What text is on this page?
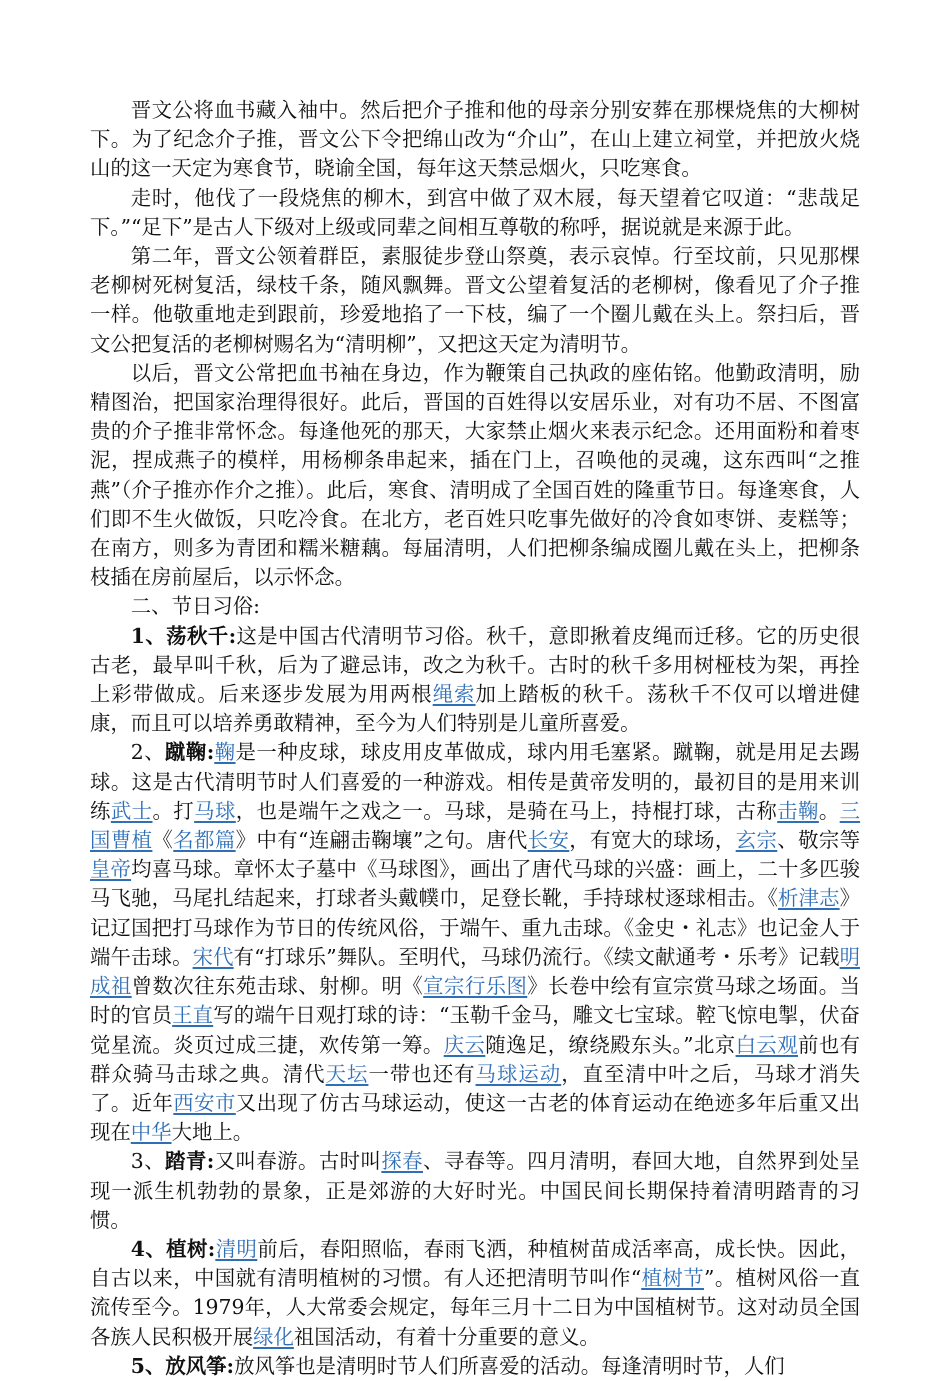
晋文公将血书藏入袖中。然后把介子推和他的母亲分别安葬在那棵烧焦的大柳树下。为了纪念介子推，晋文公下令把绵山改为“介山”，在山上建立祠堂，并把放火烧山的这一天定为寒食节，晓谕全国，每年这天禁忌烟火，只吃寒食。

走时，他伐了一段烧焦的柳木，到宫中做了双木屐，每天望着它叹道：“悲哉足下。”“足下”是古人下级对上级或同辈之间相互尊敬的称呼，据说就是来源于此。

第二年，晋文公领着群臣，素服徒步登山祭奠，表示哀悼。行至坟前，只见那棵老柳树死树复活，绿枝千条，随风飘舞。晋文公望着复活的老柳树，像看见了介子推一样。他敬重地走到跟前，珍爱地掐了一下枝，编了一个圈儿戴在头上。祭扫后，晋文公把复活的老柳树赐名为“清明柳”，又把这天定为清明节。

以后，晋文公常把血书袖在身边，作为鞭策自己执政的座佑铭。他勤政清明，励精图治，把国家治理得很好。此后，晋国的百姓得以安居乐业，对有功不居、不图富贵的介子推非常怀念。每逢他死的那天，大家禁止烟火来表示纪念。还用面粉和着枣泥，捏成燕子的模样，用杨柳条串起来，插在门上，召唤他的灵魂，这东西叫“之推燕”（介子推亦作介之推）。此后，寒食、清明成了全国百姓的隆重节日。每逢寒食，人们即不生火做饭，只吃冷食。在北方，老百姓只吃事先做好的冷食如枣饼、麦糕等；在南方，则多为青团和糯米糖藕。每届清明，人们把柳条编成圈儿戴在头上，把柳条枝插在房前屋后，以示怀念。

二、节日习俗:

1、荡秋千:这是中国古代清明节习俗。秋千，意即揪着皮绳而迁移。它的历史很古老，最早叫千秋，后为了避忌讳，改之为秋千。古时的秋千多用树桠枝为架，再拴上彩带做成。后来逐步发展为用两根绳索加上踏板的秋千。荡秋千不仅可以增进健康，而且可以培养勇敢精神，至今为人们特别是儿童所喜爱。

2、蹴鞠:鞠是一种皮球，球皮用皮革做成，球内用毛塞紧。蹴鞠，就是用足去踢球。这是古代清明节时人们喜爱的一种游戏。相传是黄帝发明的，最初目的是用来训练武士。打马球，也是端午之戏之一。马球，是骑在马上，持棍打球，古称击鞠。三国曹植《名都篇》中有“连翩击鞠壤”之句。唐代长安，有宽大的球场，玄宗、敬宗等皇帝均喜马球。章怀太子墓中《马球图》，画出了唐代马球的兴盛：画上，二十多匹骏马飞驰，马尾扎结起来，打球者头戴幞巾，足登长靴，手持球杖逐球相击。《析津志》记辽国把打马球作为节日的传统风俗，于端午、重九击球。《金史・礼志》也记金人于端午击球。宋代有“打球乐”舞队。至明代，马球仍流行。《续文献通考・乐考》记载明成祖曾数次往东苑击球、射柳。明《宣宗行乐图》长卷中绘有宣宗赏马球之场面。当时的官员王直写的端午日观打球的诗：“玉勒千金马，雕文七宝球。鞚飞惊电掣，伏奋觉星流。炎页过成三捷，欢传第一筹。庆云随逸足，缭绕殿东头。”北京白云观前也有群众骑马击球之典。清代天坛一带也还有马球运动，直至清中叶之后，马球才消失了。近年西安市又出现了仿古马球运动，使这一古老的体育运动在绝迹多年后重又出现在中华大地上。

3、踏青:又叫春游。古时叫探春、寻春等。四月清明，春回大地，自然界到处呈现一派生机勃勃的景象，正是郊游的大好时光。中国民间长期保持着清明踏青的习惯。

4、植树:清明前后，春阳照临，春雨飞洒，种植树苗成活率高，成长快。因此，自古以来，中国就有清明植树的习惯。有人还把清明节叫作“植树节”。植树风俗一直流传至今。1979年，人大常委会规定，每年三月十二日为中国植树节。这对动员全国各族人民积极开展绿化祖国活动，有着十分重要的意义。

5、放风筝:放风筝也是清明时节人们所喜爱的活动。每逢清明时节，人们
